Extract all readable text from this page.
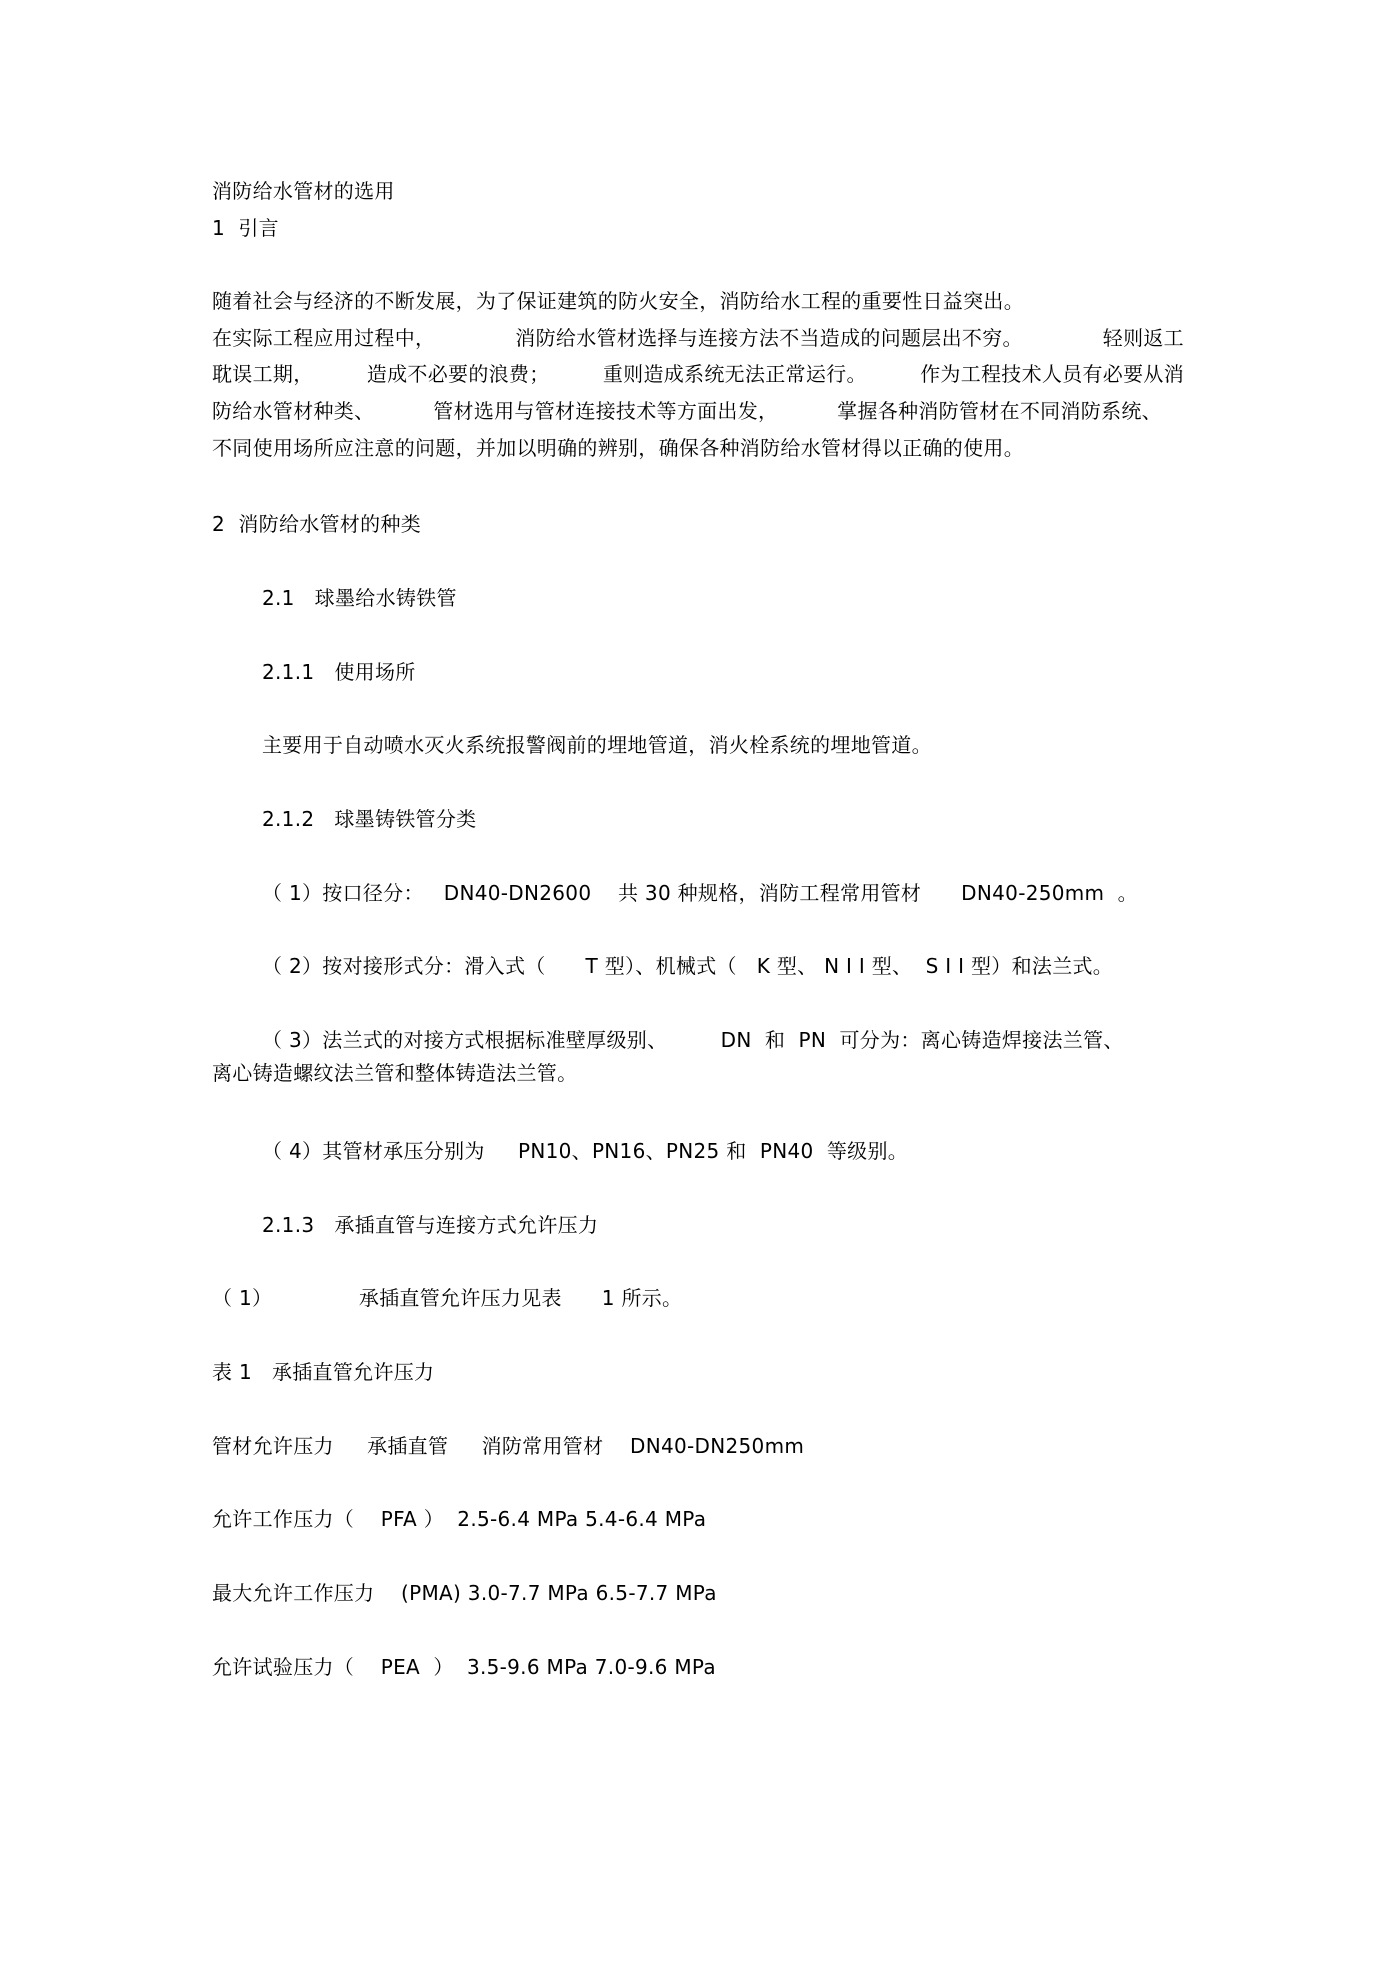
消防给水管材的选用
1  引言
随着社会与经济的不断发展，为了保证建筑的防火安全，消防给水工程的重要性日益突出。
在实际工程应用过程中，	消防给水管材选择与连接方法不当造成的问题层出不穷。	轻则返工
耽误工期，	造成不必要的浪费；	重则造成系统无法正常运行。	作为工程技术人员有必要从消
防给水管材种类、	管材选用与管材连接技术等方面出发，	掌握各种消防管材在不同消防系统、
不同使用场所应注意的问题，并加以明确的辨别，确保各种消防给水管材得以正确的使用。
2  消防给水管材的种类
2.1   球墨给水铸铁管
2.1.1   使用场所
主要用于自动喷水灭火系统报警阀前的埋地管道，消火栓系统的埋地管道。
2.1.2   球墨铸铁管分类
（ 1）按口径分：   DN40-DN2600    共 30 种规格，消防工程常用管材      DN40-250mm  。
（ 2）按对接形式分：滑入式（      T 型）、机械式（   K 型、 N I I 型、  S I I 型）和法兰式。
（ 3）法兰式的对接方式根据标准壁厚级别、        DN  和  PN  可分为：离心铸造焊接法兰管、
离心铸造螺纹法兰管和整体铸造法兰管。
（ 4）其管材承压分别为     PN10、PN16、PN25 和  PN40  等级别。
2.1.3   承插直管与连接方式允许压力
（ 1）             承插直管允许压力见表      1 所示。
表 1   承插直管允许压力
管材允许压力     承插直管     消防常用管材    DN40-DN250mm
允许工作压力（    PFA ）  2.5-6.4 MPa 5.4-6.4 MPa
最大允许工作压力    (PMA) 3.0-7.7 MPa 6.5-7.7 MPa
允许试验压力（    PEA  ）  3.5-9.6 MPa 7.0-9.6 MPa
